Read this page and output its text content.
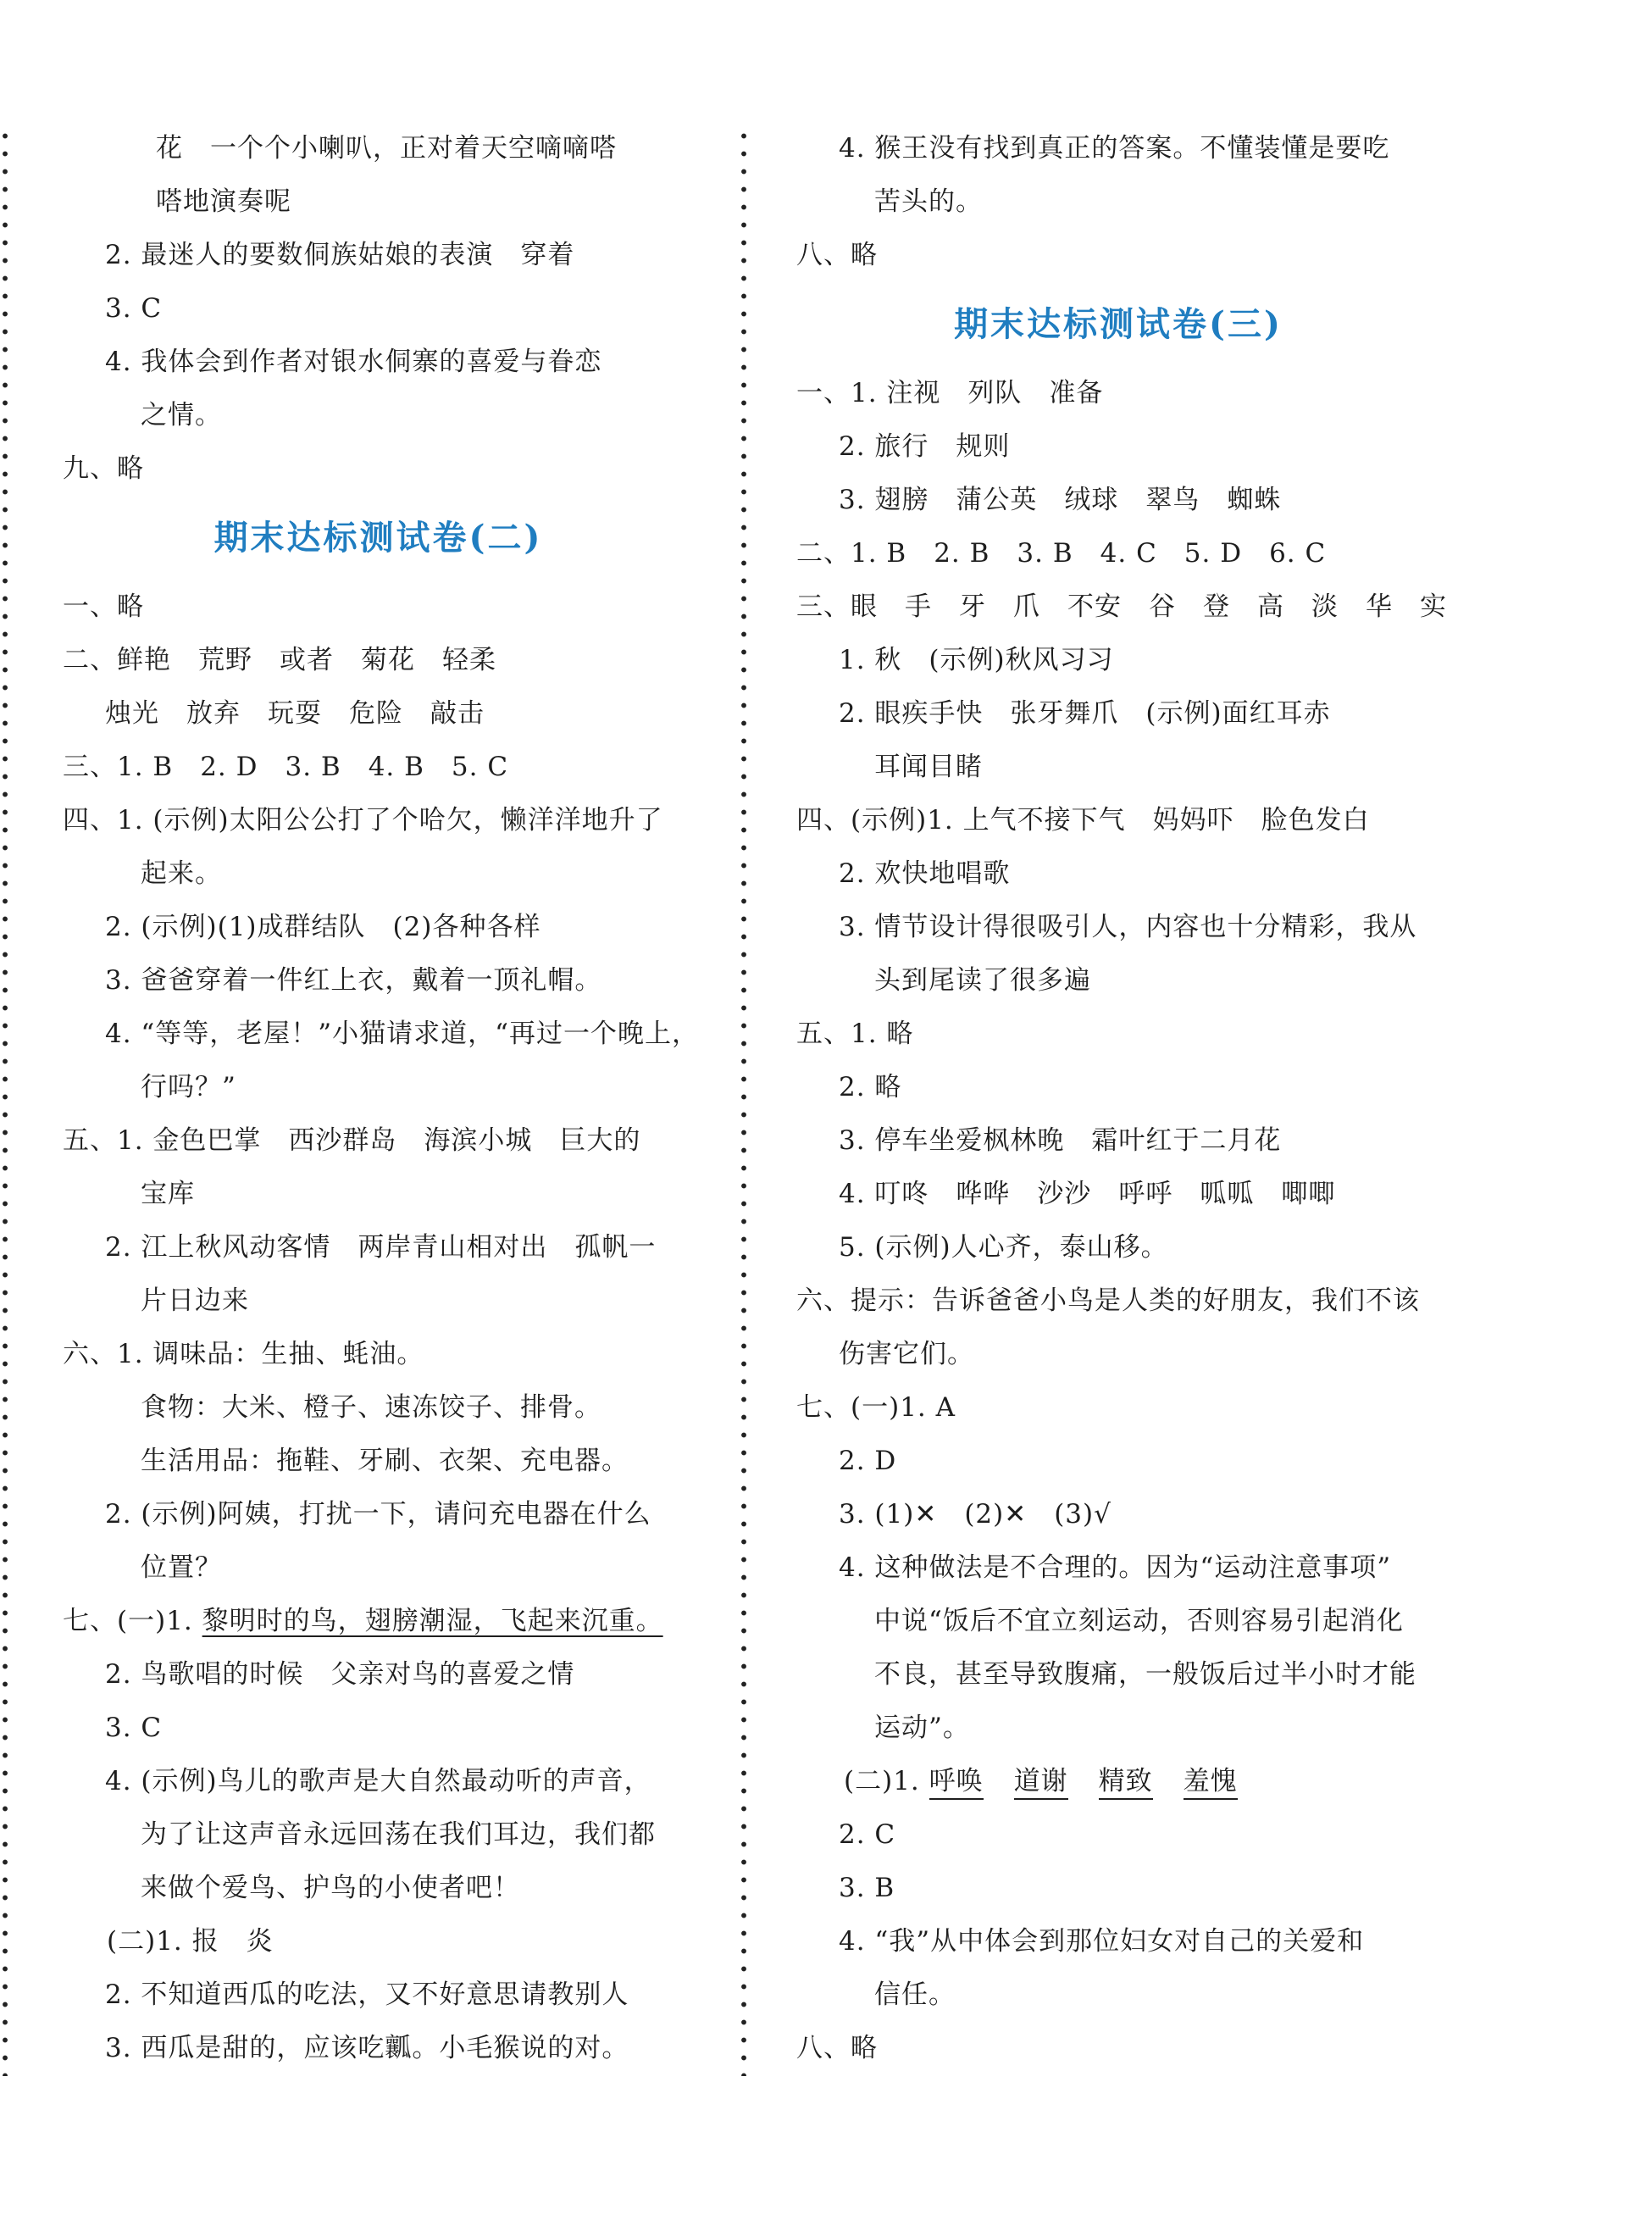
花　一个个小喇叭，正对着天空嘀嘀嗒
嗒地演奏呢
2. 最迷人的要数侗族姑娘的表演　穿着
3. C
4. 我体会到作者对银水侗寨的喜爱与眷恋
之情。
九、略
期末达标测试卷(二)
一、略
二、鲜艳　荒野　或者　菊花　轻柔
烛光　放弃　玩耍　危险　敲击
三、1. B　2. D　3. B　4. B　5. C
四、1. (示例)太阳公公打了个哈欠，懒洋洋地升了
起来。
2. (示例)(1)成群结队　(2)各种各样
3. 爸爸穿着一件红上衣，戴着一顶礼帽。
4. “等等，老屋！”小猫请求道，“再过一个晚上，
行吗？”
五、1. 金色巴掌　西沙群岛　海滨小城　巨大的
宝库
2. 江上秋风动客情　两岸青山相对出　孤帆一
片日边来
六、1. 调味品：生抽、蚝油。
食物：大米、橙子、速冻饺子、排骨。
生活用品：拖鞋、牙刷、衣架、充电器。
2. (示例)阿姨，打扰一下，请问充电器在什么
位置？
七、(一)1. 黎明时的鸟，翅膀潮湿，飞起来沉重。
2. 鸟歌唱的时候　父亲对鸟的喜爱之情
3. C
4. (示例)鸟儿的歌声是大自然最动听的声音，
为了让这声音永远回荡在我们耳边，我们都
来做个爱鸟、护鸟的小使者吧！
(二)1. 报　炎
2. 不知道西瓜的吃法，又不好意思请教别人
3. 西瓜是甜的，应该吃瓤。小毛猴说的对。
4. 猴王没有找到真正的答案。不懂装懂是要吃
苦头的。
八、略
期末达标测试卷(三)
一、1. 注视　列队　准备
2. 旅行　规则
3. 翅膀　蒲公英　绒球　翠鸟　蜘蛛
二、1. B　2. B　3. B　4. C　5. D　6. C
三、眼　手　牙　爪　不安　谷　登　高　淡　华　实
1. 秋　(示例)秋风习习
2. 眼疾手快　张牙舞爪　(示例)面红耳赤
耳闻目睹
四、(示例)1. 上气不接下气　妈妈吓　脸色发白
2. 欢快地唱歌
3. 情节设计得很吸引人，内容也十分精彩，我从
头到尾读了很多遍
五、1. 略
2. 略
3. 停车坐爱枫林晚　霜叶红于二月花
4. 叮咚　哗哗　沙沙　呼呼　呱呱　唧唧
5. (示例)人心齐，泰山移。
六、提示：告诉爸爸小鸟是人类的好朋友，我们不该
伤害它们。
七、(一)1. A
2. D
3. (1)✕　(2)✕　(3)√
4. 这种做法是不合理的。因为“运动注意事项”
中说“饭后不宜立刻运动，否则容易引起消化
不良，甚至导致腹痛，一般饭后过半小时才能
运动”。
(二)1. 呼唤 道谢 精致 羞愧
2. C
3. B
4. “我”从中体会到那位妇女对自己的关爱和
信任。
八、略
